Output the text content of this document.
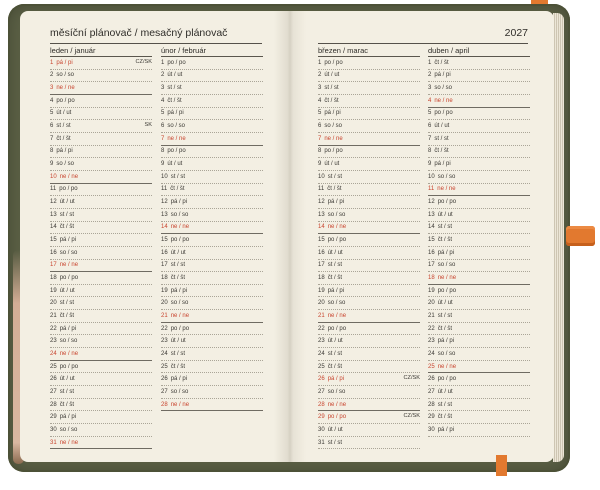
měsíční plánovač / mesačný plánovač
leden / január
1 pá / pi	CZ/SK
2 so / so
3 ne / ne
4 po / po
5 út / ut
6 st / st	SK
7 čt / št
8 pá / pi
9 so / so
10 ne / ne
11 po / po
12 út / ut
13 st / st
14 čt / št
15 pá / pi
16 so / so
17 ne / ne
18 po / po
19 út / ut
20 st / st
21 čt / št
22 pá / pi
23 so / so
24 ne / ne
25 po / po
26 út / ut
27 st / st
28 čt / št
29 pá / pi
30 so / so
31 ne / ne
únor / február
1 po / po
2 út / ut
3 st / st
4 čt / št
5 pá / pi
6 so / so
7 ne / ne
8 po / po
9 út / ut
10 st / st
11 čt / št
12 pá / pi
13 so / so
14 ne / ne
15 po / po
16 út / ut
17 st / st
18 čt / št
19 pá / pi
20 so / so
21 ne / ne
22 po / po
23 út / ut
24 st / st
25 čt / št
26 pá / pi
27 so / so
28 ne / ne
2027
březen / marac
1 po / po
2 út / ut
3 st / st
4 čt / št
5 pá / pi
6 so / so
7 ne / ne
8 po / po
9 út / ut
10 st / st
11 čt / št
12 pá / pi
13 so / so
14 ne / ne
15 po / po
16 út / ut
17 st / st
18 čt / št
19 pá / pi
20 so / so
21 ne / ne
22 po / po
23 út / ut
24 st / st
25 čt / št
26 pá / pi	CZ/SK
27 so / so
28 ne / ne
29 po / po	CZ/SK
30 út / ut
31 st / st
duben / april
1 čt / št
2 pá / pi
3 so / so
4 ne / ne
5 po / po
6 út / ut
7 st / st
8 čt / št
9 pá / pi
10 so / so
11 ne / ne
12 po / po
13 út / ut
14 st / st
15 čt / št
16 pá / pi
17 so / so
18 ne / ne
19 po / po
20 út / ut
21 st / st
22 čt / št
23 pá / pi
24 so / so
25 ne / ne
26 po / po
27 út / ut
28 st / st
29 čt / št
30 pá / pi
